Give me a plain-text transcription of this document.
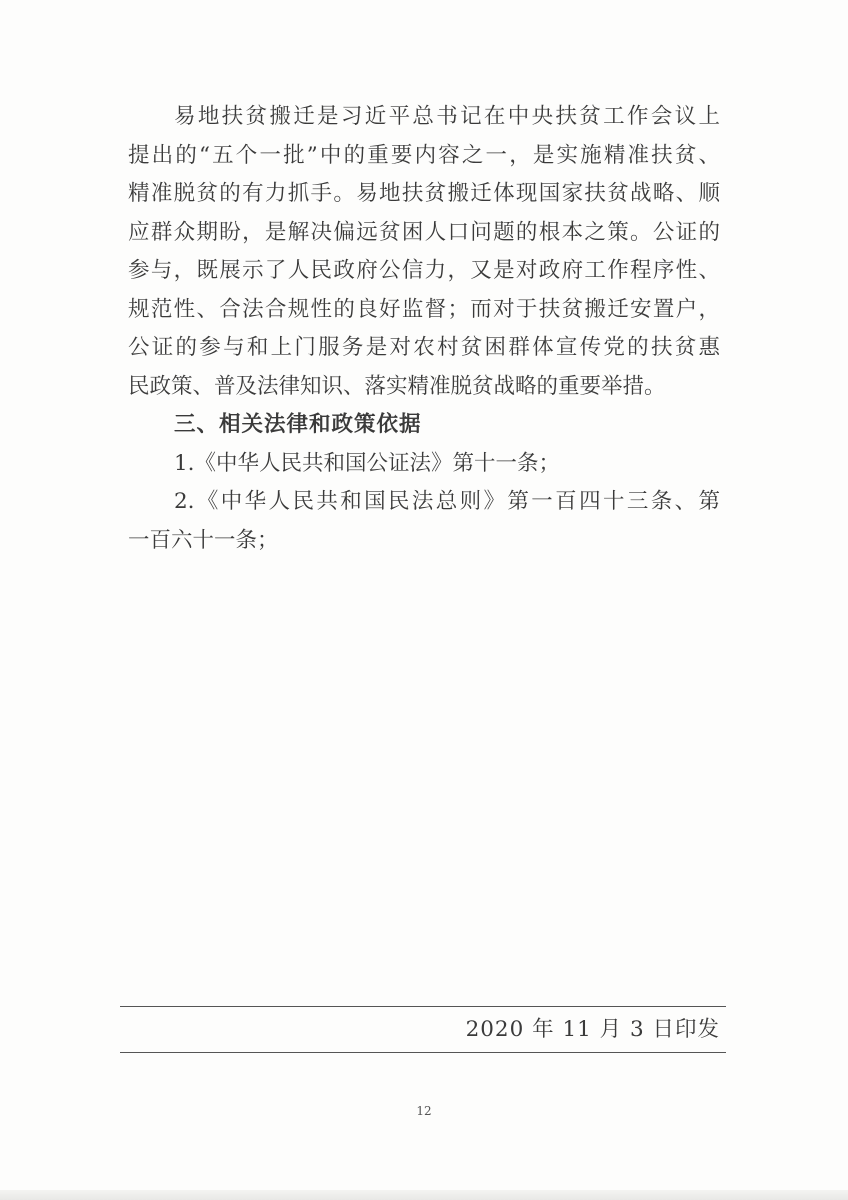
易地扶贫搬迁是习近平总书记在中央扶贫工作会议上
提出的“五个一批”中的重要内容之一，是实施精准扶贫、
精准脱贫的有力抓手。易地扶贫搬迁体现国家扶贫战略、顺
应群众期盼，是解决偏远贫困人口问题的根本之策。公证的
参与，既展示了人民政府公信力，又是对政府工作程序性、
规范性、合法合规性的良好监督；而对于扶贫搬迁安置户，
公证的参与和上门服务是对农村贫困群体宣传党的扶贫惠
民政策、普及法律知识、落实精准脱贫战略的重要举措。
三、相关法律和政策依据
1.《中华人民共和国公证法》第十一条；
2.《中华人民共和国民法总则》第一百四十三条、第
一百六十一条；
2020 年 11 月 3 日印发
12
